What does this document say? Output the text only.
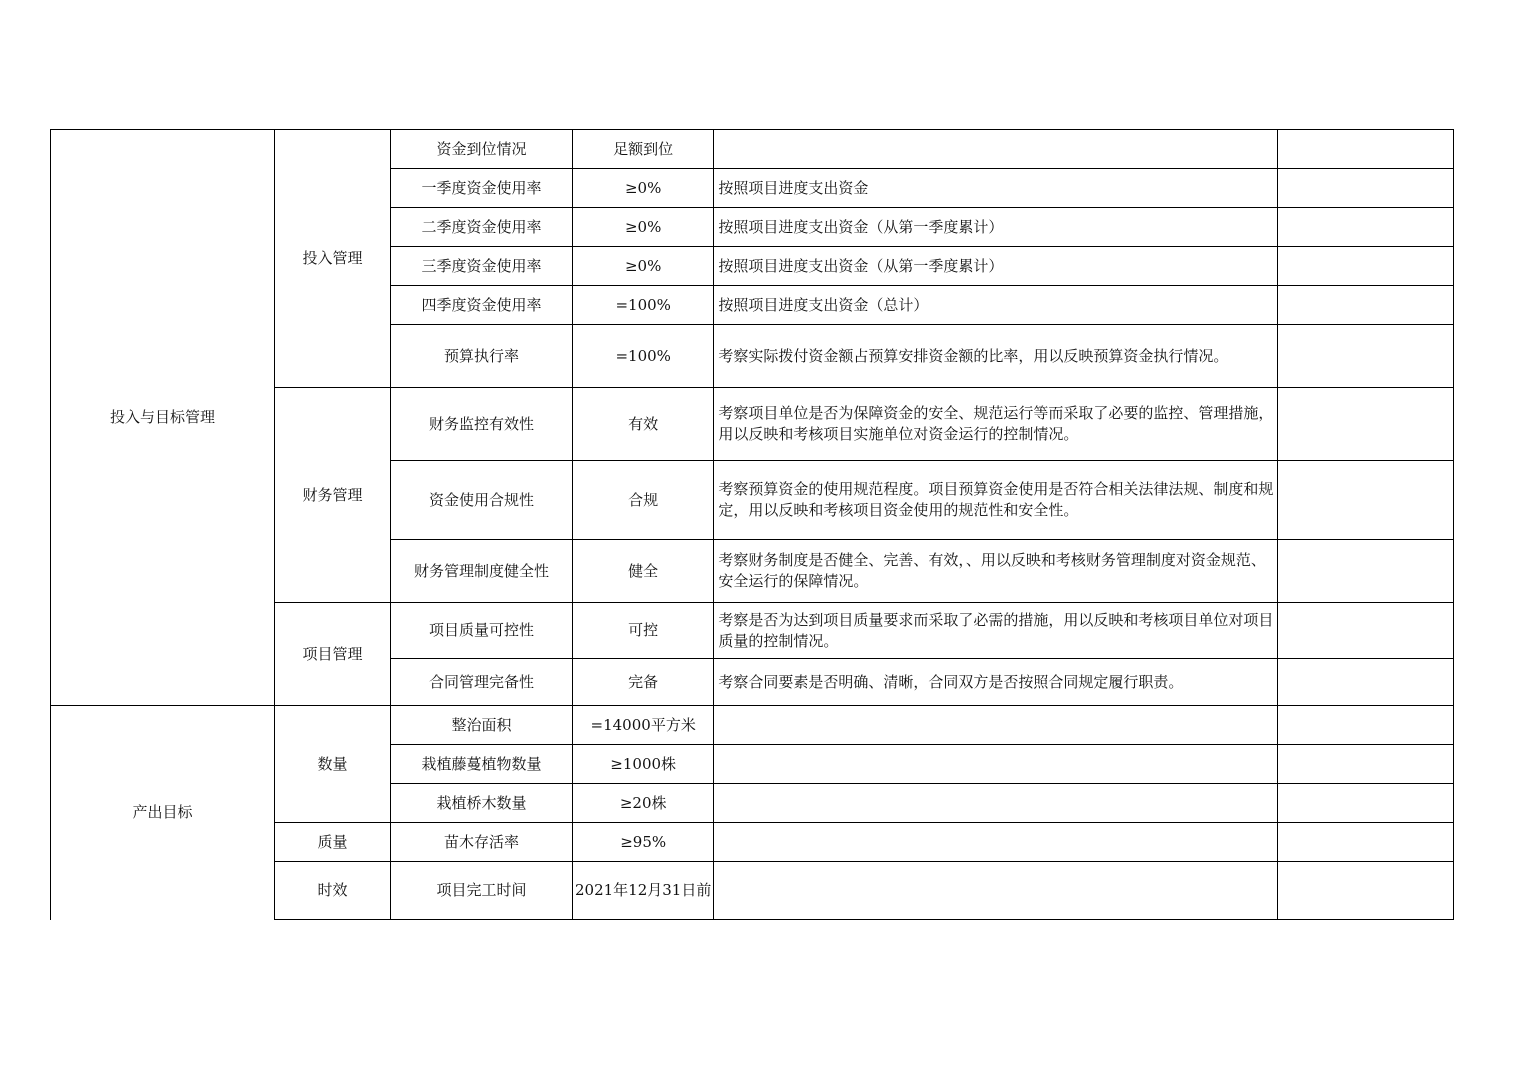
投入与目标管理	投入管理	资金到位情况	足额到位		
		一季度资金使用率	≥0%	按照项目进度支出资金	
		二季度资金使用率	≥0%	按照项目进度支出资金（从第一季度累计）	
		三季度资金使用率	≥0%	按照项目进度支出资金（从第一季度累计）	
		四季度资金使用率	=100%	按照项目进度支出资金（总计）	
		预算执行率	=100%	考察实际拨付资金额占预算安排资金额的比率，用以反映预算资金执行情况。	
	财务管理	财务监控有效性	有效	考察项目单位是否为保障资金的安全、规范运行等而采取了必要的监控、管理措施，用以反映和考核项目实施单位对资金运行的控制情况。	
		资金使用合规性	合规	考察预算资金的使用规范程度。项目预算资金使用是否符合相关法律法规、制度和规定，用以反映和考核项目资金使用的规范性和安全性。	
		财务管理制度健全性	健全	考察财务制度是否健全、完善、有效，、用以反映和考核财务管理制度对资金规范、安全运行的保障情况。	
	项目管理	项目质量可控性	可控	考察是否为达到项目质量要求而采取了必需的措施，用以反映和考核项目单位对项目质量的控制情况。	
		合同管理完备性	完备	考察合同要素是否明确、清晰，合同双方是否按照合同规定履行职责。	
产出目标	数量	整治面积	=14000平方米		
		栽植藤蔓植物数量	≥1000株		
		栽植桥木数量	≥20株		
	质量	苗木存活率	≥95%		
	时效	项目完工时间	2021年12月31日前		
